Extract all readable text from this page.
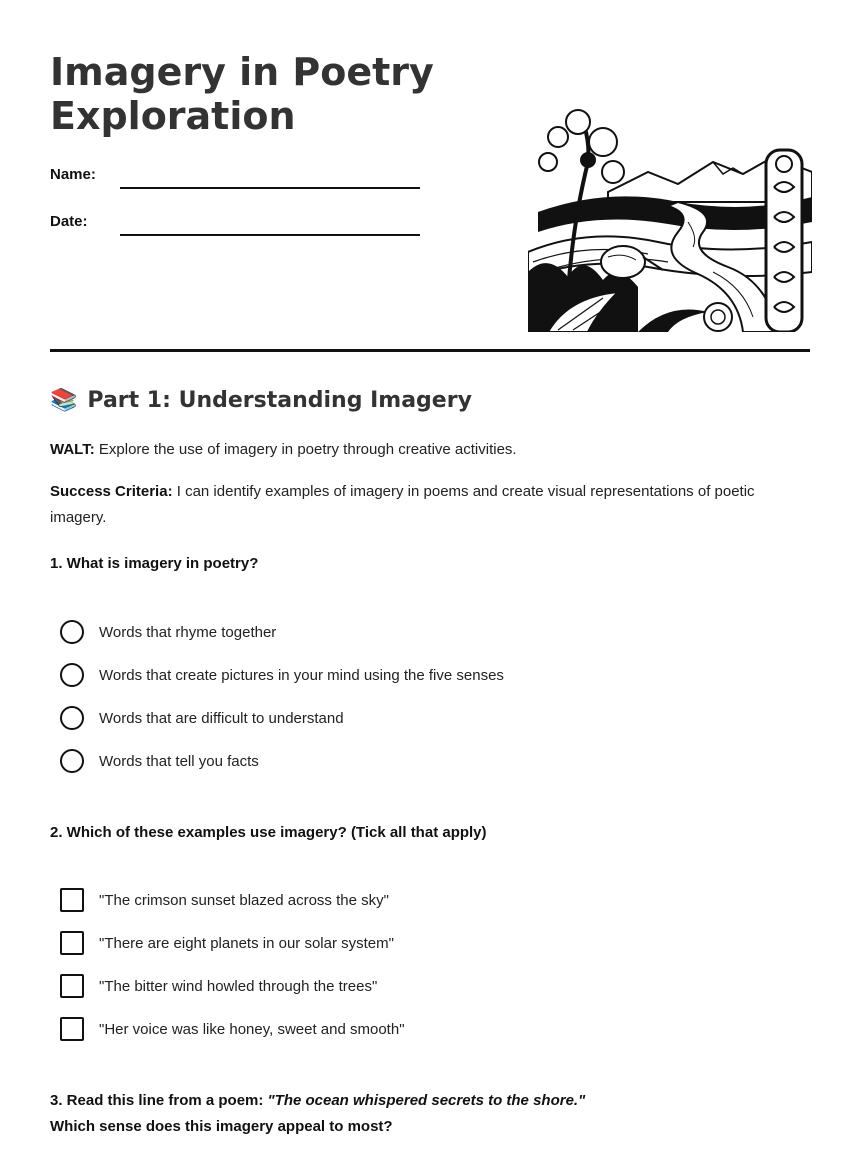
Imagery in Poetry
Exploration
Name:
Date:
📚 Part 1: Understanding Imagery
WALT: Explore the use of imagery in poetry through creative activities.
Success Criteria: I can identify examples of imagery in poems and create visual representations of poetic imagery.
1. What is imagery in poetry?
Words that rhyme together
Words that create pictures in your mind using the five senses
Words that are difficult to understand
Words that tell you facts
2. Which of these examples use imagery? (Tick all that apply)
"The crimson sunset blazed across the sky"
"There are eight planets in our solar system"
"The bitter wind howled through the trees"
"Her voice was like honey, sweet and smooth"
3. Read this line from a poem: "The ocean whispered secrets to the shore."
Which sense does this imagery appeal to most?
